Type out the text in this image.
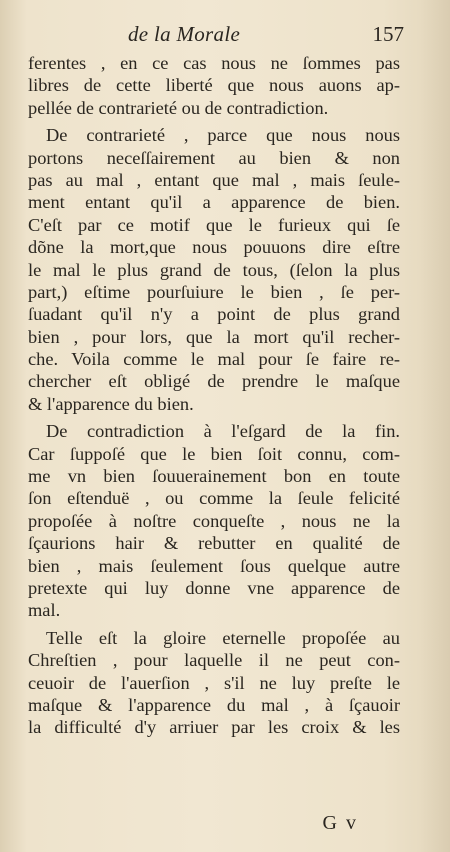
de la Morale	157
ferentes , en ce cas nous ne ſommes pas
libres de cette liberté que nous auons ap-
pellée de contrarieté ou de contradiction.
De contrarieté , parce que nous nous
portons neceſſairement au bien & non
pas au mal , entant que mal , mais ſeule-
ment entant qu'il a apparence de bien.
C'eſt par ce motif que le furieux qui ſe
dõne la mort,que nous pouuons dire eſtre
le mal le plus grand de tous, (ſelon la plus
part,) eſtime pourſuiure le bien , ſe per-
ſuadant qu'il n'y a point de plus grand
bien , pour lors, que la mort qu'il recher-
che. Voila comme le mal pour ſe faire re-
chercher eſt obligé de prendre le maſque
& l'apparence du bien.
De contradiction à l'eſgard de la fin.
Car ſuppoſé que le bien ſoit connu, com-
me vn bien ſouuerainement bon en toute
ſon eſtenduë , ou comme la ſeule felicité
propoſée à noſtre conqueſte , nous ne la
ſçaurions hair & rebutter en qualité de
bien , mais ſeulement ſous quelque autre
pretexte qui luy donne vne apparence de
mal.
Telle eſt la gloire eternelle propoſée au
Chreſtien , pour laquelle il ne peut con-
ceuoir de l'auerſion , s'il ne luy preſte le
maſque & l'apparence du mal , à ſçauoir
la difficulté d'y arriuer par les croix & les
G v
